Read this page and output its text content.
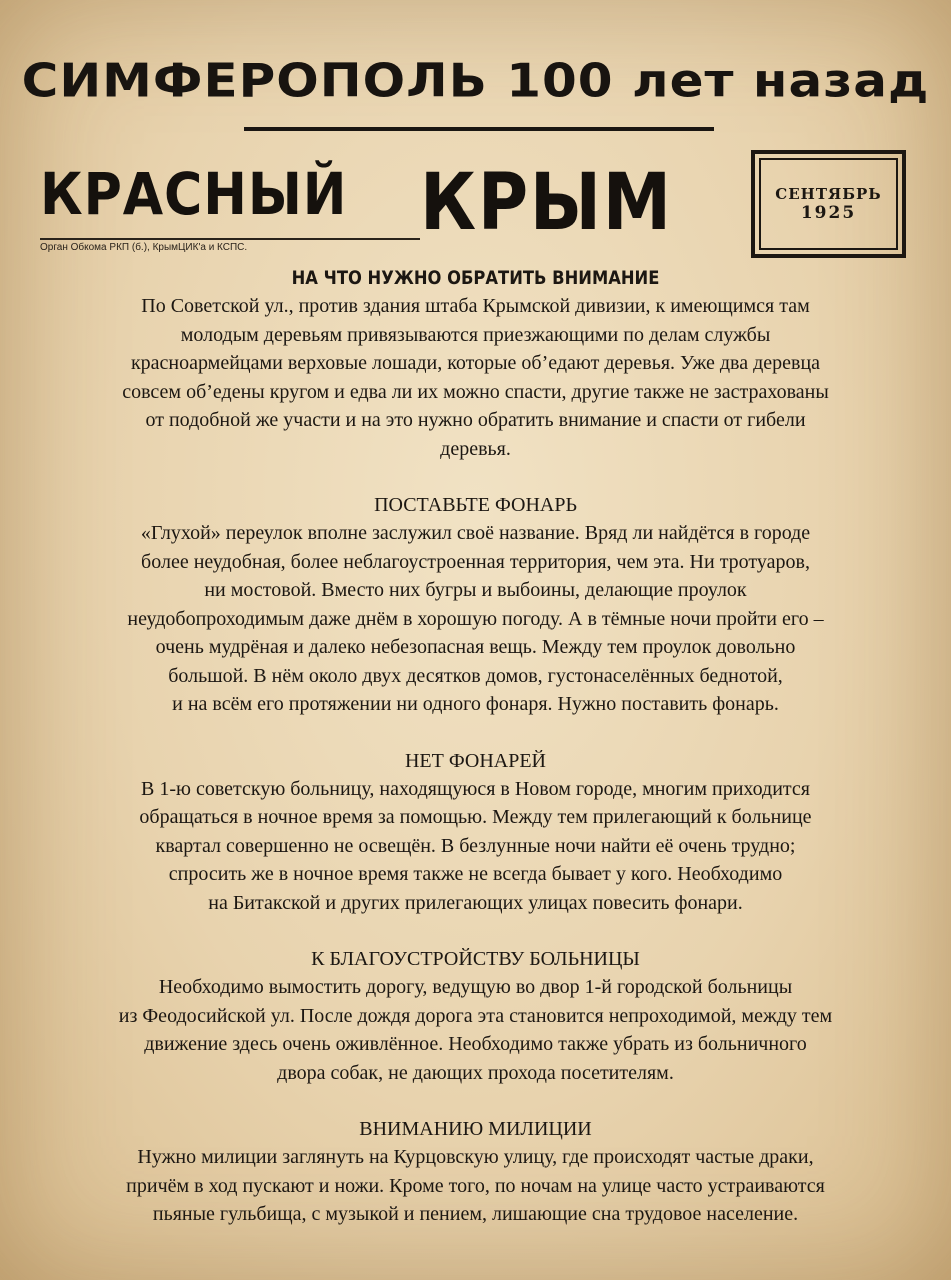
СИМФЕРОПОЛЬ 100 лет назад
КРАСНЫЙ
Орган Обкома РКП (б.), КрымЦИК'а и КСПС.	КРЫМ	СЕНТЯБРЬ
1925

НА ЧТО НУЖНО ОБРАТИТЬ ВНИМАНИЕ

По Советской ул., против здания штаба Крымской дивизии, к имеющимся там

молодым деревьям привязываются приезжающими по делам службы

красноармейцами верховые лошади, которые об’едают деревья. Уже два деревца

совсем об’едены кругом и едва ли их можно спасти, другие также не застрахованы

от подобной же участи и на это нужно обратить внимание и спасти от гибели

деревья.

ПОСТАВЬТЕ ФОНАРЬ

«Глухой» переулок вполне заслужил своё название. Вряд ли найдётся в городе

более неудобная, более неблагоустроенная территория, чем эта. Ни тротуаров,

ни мостовой. Вместо них бугры и выбоины, делающие проулок

неудобопроходимым даже днём в хорошую погоду. А в тёмные ночи пройти его –

очень мудрёная и далеко небезопасная вещь. Между тем проулок довольно

большой. В нём около двух десятков домов, густонаселённых беднотой,

и на всём его протяжении ни одного фонаря. Нужно поставить фонарь.

НЕТ ФОНАРЕЙ

В 1-ю советскую больницу, находящуюся в Новом городе, многим приходится

обращаться в ночное время за помощью. Между тем прилегающий к больнице

квартал совершенно не освещён. В безлунные ночи найти её очень трудно;

спросить же в ночное время также не всегда бывает у кого. Необходимо

на Битакской и других прилегающих улицах повесить фонари.

К БЛАГОУСТРОЙСТВУ БОЛЬНИЦЫ

Необходимо вымостить дорогу, ведущую во двор 1-й городской больницы

из Феодосийской ул. После дождя дорога эта становится непроходимой, между тем

движение здесь очень оживлённое. Необходимо также убрать из больничного

двора собак, не дающих прохода посетителям.

ВНИМАНИЮ МИЛИЦИИ

Нужно милиции заглянуть на Курцовскую улицу, где происходят частые драки,

причём в ход пускают и ножи. Кроме того, по ночам на улице часто устраиваются

пьяные гульбища, с музыкой и пением, лишающие сна трудовое население.
